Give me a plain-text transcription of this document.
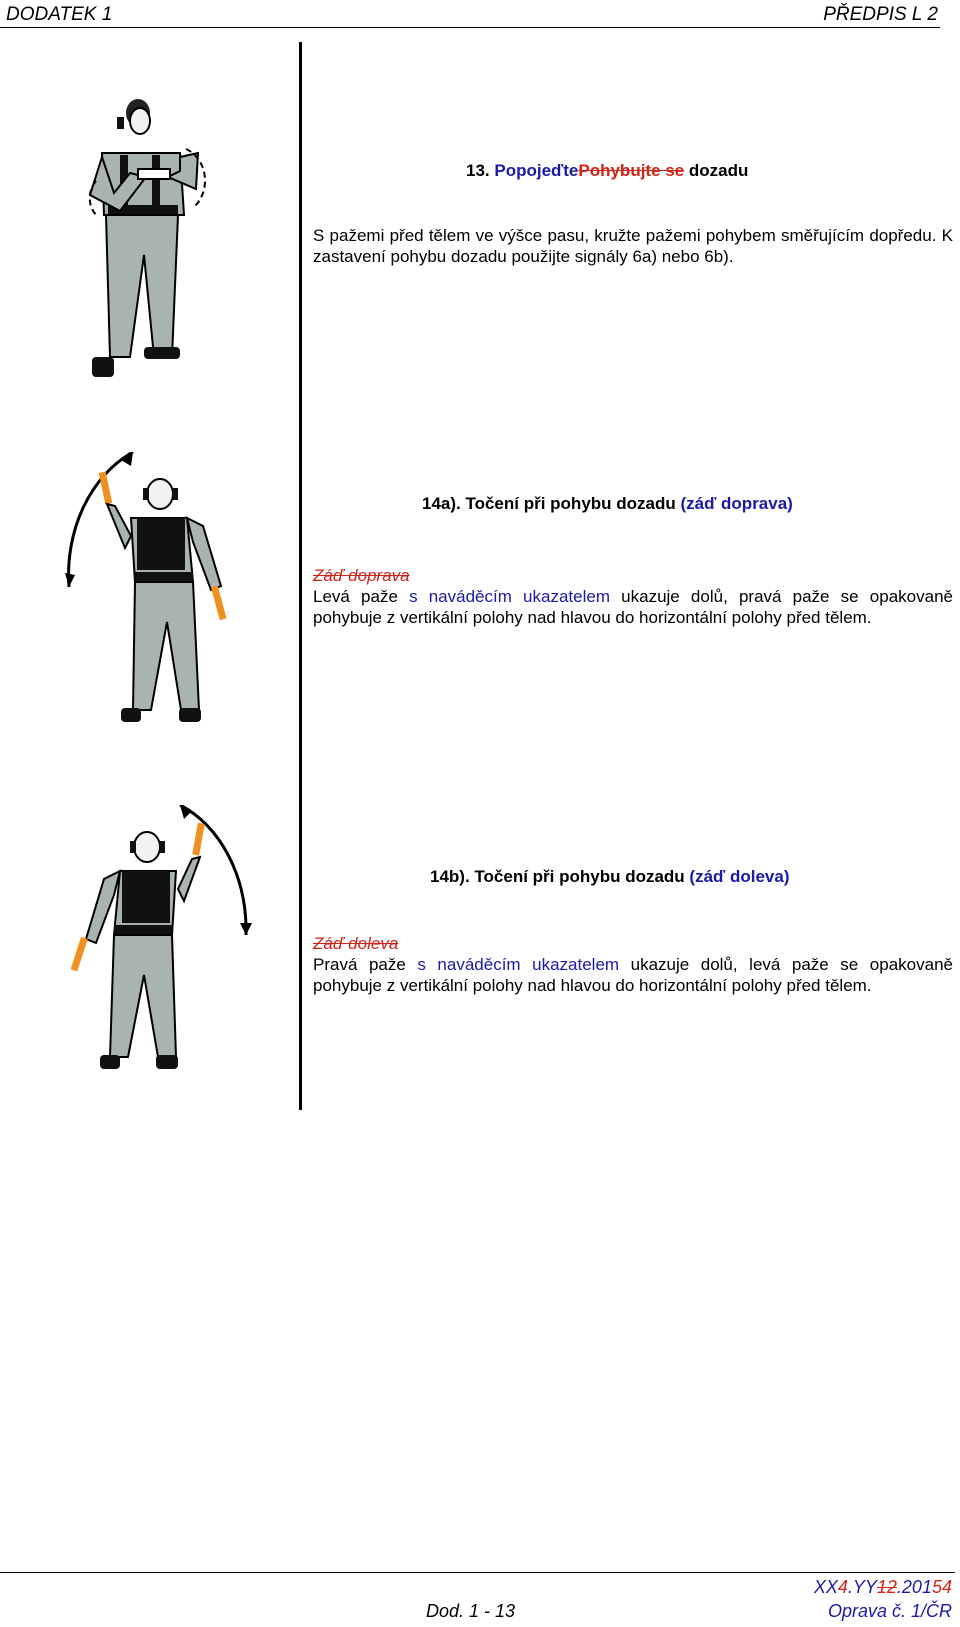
DODATEK 1	PŘEDPIS L 2
13. PopojeďtePohybujte se dozadu
S pažemi před tělem ve výšce pasu, kružte pažemi pohybem směřujícím dopředu. K zastavení pohybu dozadu použijte signály 6a) nebo 6b).
14a). Točení při pohybu dozadu (záď doprava)
Záď doprava
Levá paže s naváděcím ukazatelem ukazuje dolů, pravá paže se opakovaně pohybuje z vertikální polohy nad hlavou do horizontální polohy před tělem.
14b). Točení při pohybu dozadu (záď doleva)
Záď doleva
Pravá paže s naváděcím ukazatelem ukazuje dolů, levá paže se opakovaně pohybuje z vertikální polohy nad hlavou do horizontální polohy před tělem.
Dod. 1 - 13
XX4.YY12.20154
Oprava č. 1/ČR
